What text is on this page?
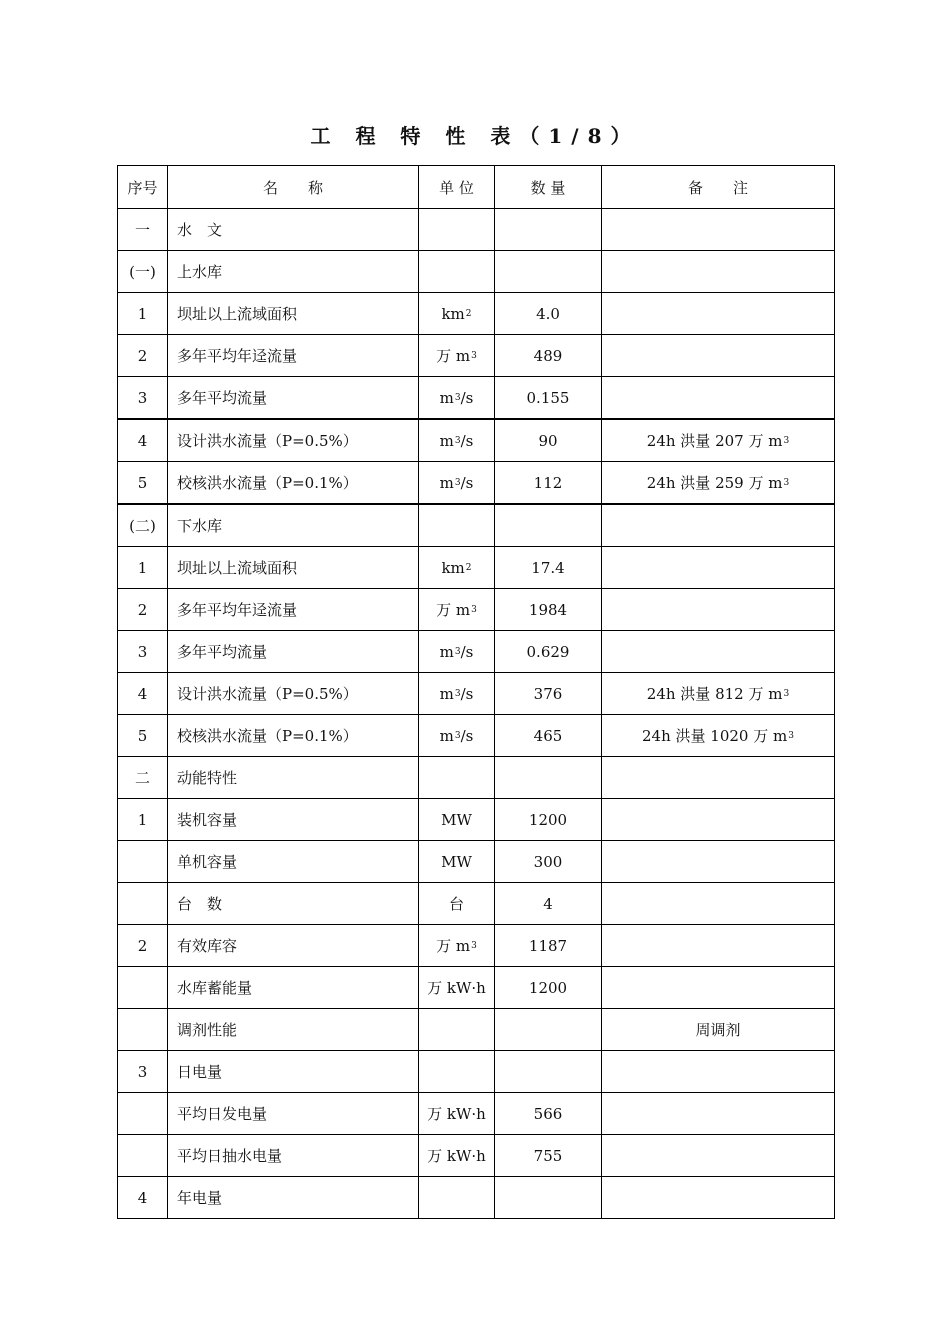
工 程 特 性 表（1/8）
序号	名　　称	单 位	数 量	备　　注
一	水　文			
(一)	上水库			
1	坝址以上流域面积	$km^2$	4.0	
2	多年平均年迳流量	万 $m^3$	489	
3	多年平均流量	$m^3/s$	0.155	
4	设计洪水流量（P=0.5%）	$m^3/s$	90	24h 洪量 207 万 $m^3$
5	校核洪水流量（P=0.1%）	$m^3/s$	112	24h 洪量 259 万 $m^3$
(二)	下水库			
1	坝址以上流域面积	$km^2$	17.4	
2	多年平均年迳流量	万 $m^3$	1984	
3	多年平均流量	$m^3/s$	0.629	
4	设计洪水流量（P=0.5%）	$m^3/s$	376	24h 洪量 812 万 $m^3$
5	校核洪水流量（P=0.1%）	$m^3/s$	465	24h 洪量 1020 万 $m^3$
二	动能特性			
1	装机容量	MW	1200	
	单机容量	MW	300	
	台　数	台	4	
2	有效库容	万 $m^3$	1187	
	水库蓄能量	万 kW·h	1200	
	调剂性能			周调剂
3	日电量			
	平均日发电量	万 kW·h	566	
	平均日抽水电量	万 kW·h	755	
4	年电量			
